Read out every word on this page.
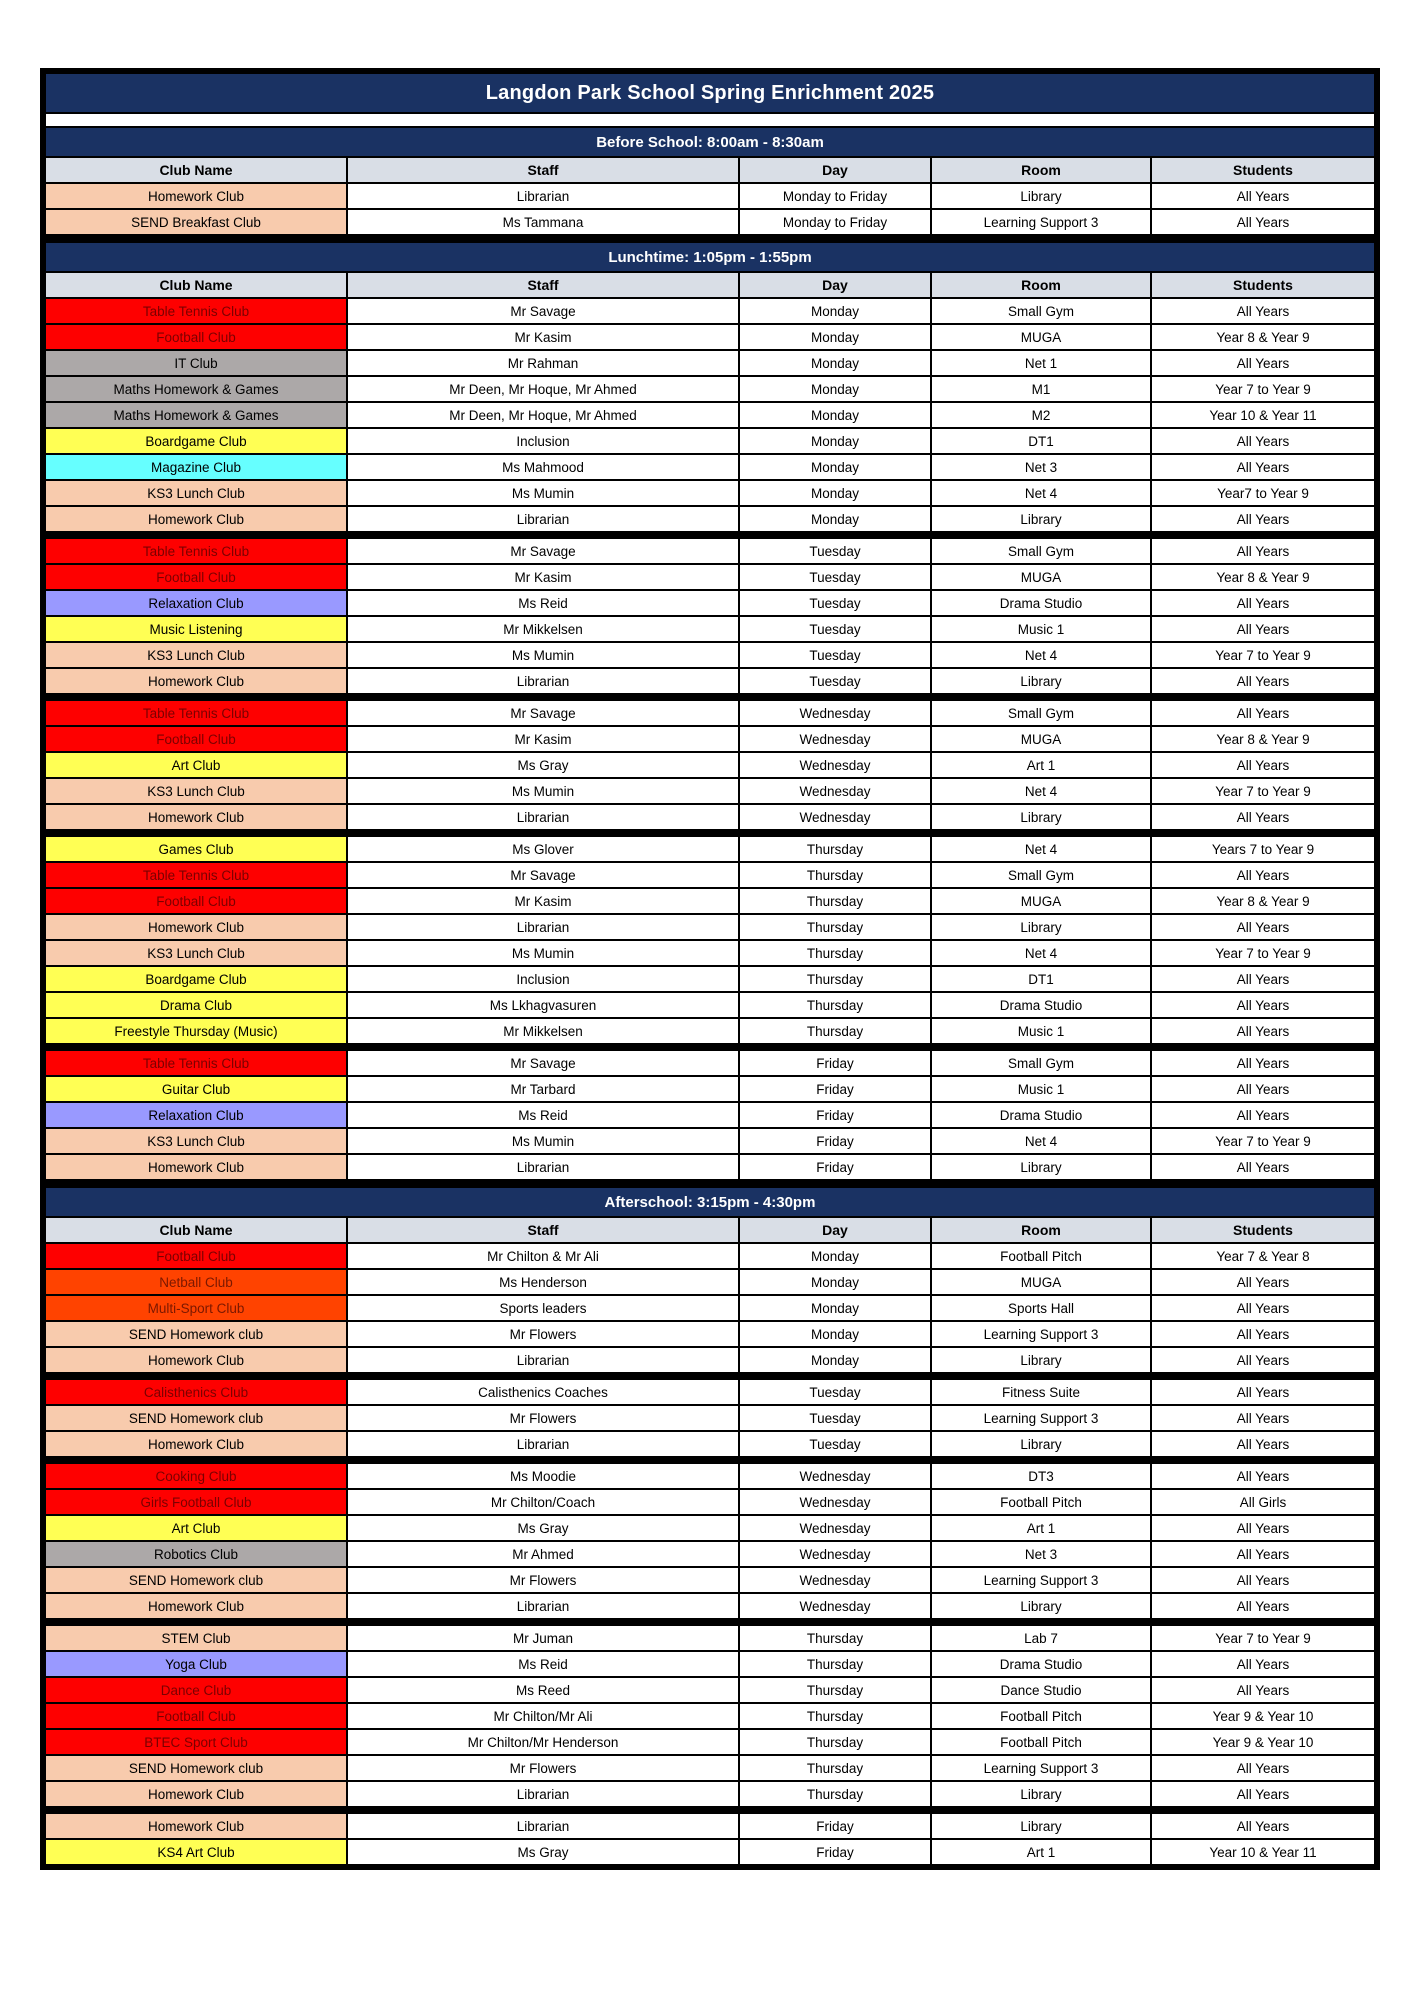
Langdon Park School Spring Enrichment 2025
Before School: 8:00am - 8:30am
Club Name	Staff	Day	Room	Students
Homework Club	Librarian	Monday to Friday	Library	All Years
SEND Breakfast Club	Ms Tammana	Monday to Friday	Learning Support 3	All Years
Lunchtime: 1:05pm - 1:55pm
Club Name	Staff	Day	Room	Students
Table Tennis Club	Mr Savage	Monday	Small Gym	All Years
Football Club	Mr Kasim	Monday	MUGA	Year 8 & Year 9
IT Club	Mr Rahman	Monday	Net 1	All Years
Maths Homework & Games	Mr Deen, Mr Hoque, Mr Ahmed	Monday	M1	Year 7 to Year 9
Maths Homework & Games	Mr Deen, Mr Hoque, Mr Ahmed	Monday	M2	Year 10 & Year 11
Boardgame Club	Inclusion	Monday	DT1	All Years
Magazine Club	Ms Mahmood	Monday	Net 3	All Years
KS3 Lunch Club	Ms Mumin	Monday	Net 4	Year7 to Year 9
Homework Club	Librarian	Monday	Library	All Years
Table Tennis Club	Mr Savage	Tuesday	Small Gym	All Years
Football Club	Mr Kasim	Tuesday	MUGA	Year 8 & Year 9
Relaxation Club	Ms Reid	Tuesday	Drama Studio	All Years
Music Listening	Mr Mikkelsen	Tuesday	Music 1	All Years
KS3 Lunch Club	Ms Mumin	Tuesday	Net 4	Year 7 to Year 9
Homework Club	Librarian	Tuesday	Library	All Years
Table Tennis Club	Mr Savage	Wednesday	Small Gym	All Years
Football Club	Mr Kasim	Wednesday	MUGA	Year 8 & Year 9
Art Club	Ms Gray	Wednesday	Art 1	All Years
KS3 Lunch Club	Ms Mumin	Wednesday	Net 4	Year 7 to Year 9
Homework Club	Librarian	Wednesday	Library	All Years
Games Club	Ms Glover	Thursday	Net 4	Years 7 to Year 9
Table Tennis Club	Mr Savage	Thursday	Small Gym	All Years
Football Club	Mr Kasim	Thursday	MUGA	Year 8 & Year 9
Homework Club	Librarian	Thursday	Library	All Years
KS3 Lunch Club	Ms Mumin	Thursday	Net 4	Year 7 to Year 9
Boardgame Club	Inclusion	Thursday	DT1	All Years
Drama Club	Ms Lkhagvasuren	Thursday	Drama Studio	All Years
Freestyle Thursday (Music)	Mr Mikkelsen	Thursday	Music 1	All Years
Table Tennis Club	Mr Savage	Friday	Small Gym	All Years
Guitar Club	Mr Tarbard	Friday	Music 1	All Years
Relaxation Club	Ms Reid	Friday	Drama Studio	All Years
KS3 Lunch Club	Ms Mumin	Friday	Net 4	Year 7 to Year 9
Homework Club	Librarian	Friday	Library	All Years
Afterschool: 3:15pm - 4:30pm
Club Name	Staff	Day	Room	Students
Football Club	Mr Chilton & Mr Ali	Monday	Football Pitch	Year 7 & Year 8
Netball Club	Ms Henderson	Monday	MUGA	All Years
Multi-Sport Club	Sports leaders	Monday	Sports Hall	All Years
SEND Homework club	Mr Flowers	Monday	Learning Support 3	All Years
Homework Club	Librarian	Monday	Library	All Years
Calisthenics Club	Calisthenics Coaches	Tuesday	Fitness Suite	All Years
SEND Homework club	Mr Flowers	Tuesday	Learning Support 3	All Years
Homework Club	Librarian	Tuesday	Library	All Years
Cooking Club	Ms Moodie	Wednesday	DT3	All Years
Girls Football Club	Mr Chilton/Coach	Wednesday	Football Pitch	All Girls
Art Club	Ms Gray	Wednesday	Art 1	All Years
Robotics Club	Mr Ahmed	Wednesday	Net 3	All Years
SEND Homework club	Mr Flowers	Wednesday	Learning Support 3	All Years
Homework Club	Librarian	Wednesday	Library	All Years
STEM Club	Mr Juman	Thursday	Lab 7	Year 7 to Year 9
Yoga Club	Ms Reid	Thursday	Drama Studio	All Years
Dance Club	Ms Reed	Thursday	Dance Studio	All Years
Football Club	Mr Chilton/Mr Ali	Thursday	Football Pitch	Year 9 & Year 10
BTEC Sport Club	Mr Chilton/Mr Henderson	Thursday	Football Pitch	Year 9 & Year 10
SEND Homework club	Mr Flowers	Thursday	Learning Support 3	All Years
Homework Club	Librarian	Thursday	Library	All Years
Homework Club	Librarian	Friday	Library	All Years
KS4 Art Club	Ms Gray	Friday	Art 1	Year 10 & Year 11
